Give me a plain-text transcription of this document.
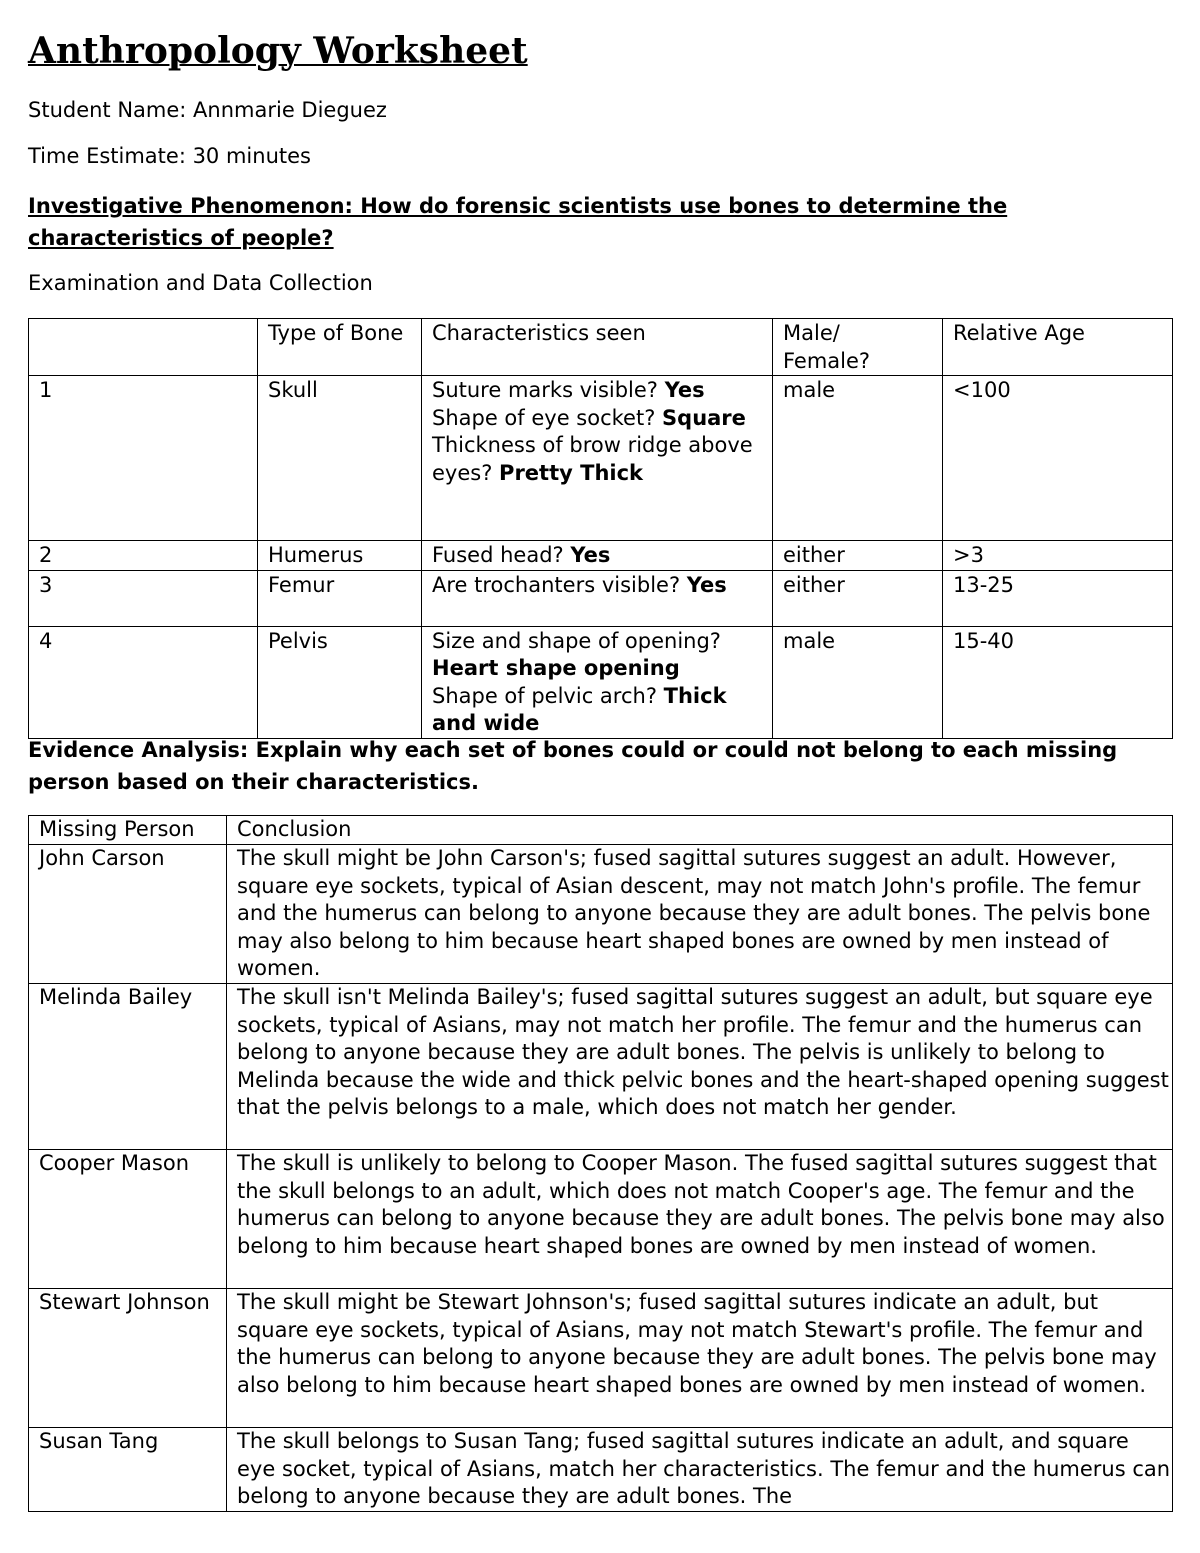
Anthropology Worksheet

Student Name: Annmarie Dieguez

Time Estimate: 30 minutes

Investigative Phenomenon: How do forensic scientists use bones to determine the characteristics of people?

Examination and Data Collection

	Type of Bone	Characteristics seen	Male/ Female?	Relative Age
1	Skull	Suture marks visible? Yes
Shape of eye socket? Square
Thickness of brow ridge above eyes? Pretty Thick	male	<100
2	Humerus	Fused head? Yes	either	>3
3	Femur	Are trochanters visible? Yes	either	13-25
4	Pelvis	Size and shape of opening? Heart shape opening
Shape of pelvic arch? Thick and wide	male	15-40

Evidence Analysis: Explain why each set of bones could or could not belong to each missing person based on their characteristics.

Missing Person	Conclusion
John Carson	The skull might be John Carson's; fused sagittal sutures suggest an adult. However, square eye sockets, typical of Asian descent, may not match John's profile. The femur and the humerus can belong to anyone because they are adult bones. The pelvis bone may also belong to him because heart shaped bones are owned by men instead of women.
Melinda Bailey	The skull isn't Melinda Bailey's; fused sagittal sutures suggest an adult, but square eye sockets, typical of Asians, may not match her profile. The femur and the humerus can belong to anyone because they are adult bones. The pelvis is unlikely to belong to Melinda because the wide and thick pelvic bones and the heart-shaped opening suggest that the pelvis belongs to a male, which does not match her gender.
Cooper Mason	The skull is unlikely to belong to Cooper Mason. The fused sagittal sutures suggest that the skull belongs to an adult, which does not match Cooper's age. The femur and the humerus can belong to anyone because they are adult bones. The pelvis bone may also belong to him because heart shaped bones are owned by men instead of women.
Stewart Johnson	The skull might be Stewart Johnson's; fused sagittal sutures indicate an adult, but square eye sockets, typical of Asians, may not match Stewart's profile. The femur and the humerus can belong to anyone because they are adult bones. The pelvis bone may also belong to him because heart shaped bones are owned by men instead of women.
Susan Tang	The skull belongs to Susan Tang; fused sagittal sutures indicate an adult, and square eye socket, typical of Asians, match her characteristics. The femur and the humerus can belong to anyone because they are adult bones. The
